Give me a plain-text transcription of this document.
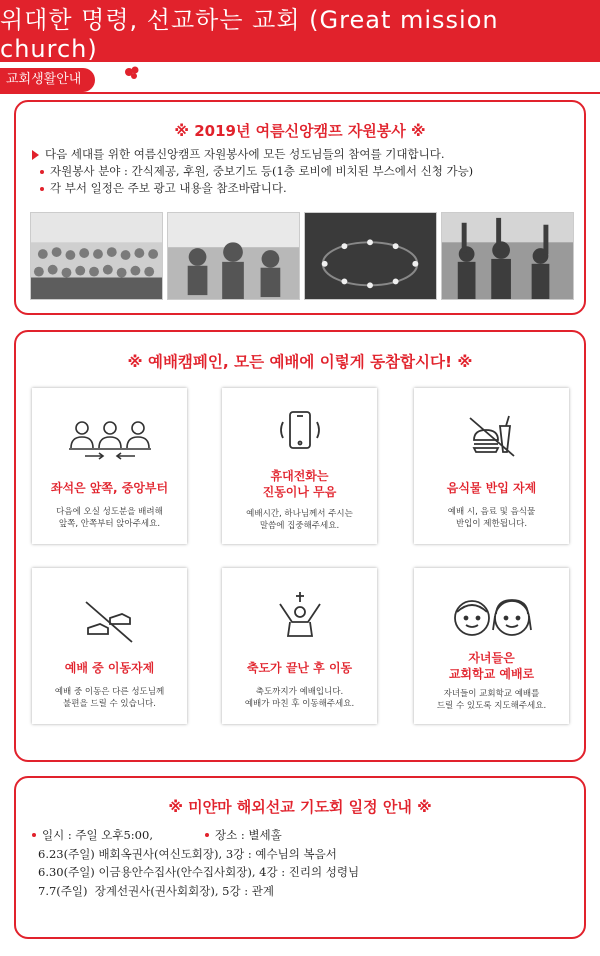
위대한 명령, 선교하는 교회 (Great mission church)
교회생활안내
※ 2019년 여름신앙캠프 자원봉사 ※
다음 세대를 위한 여름신앙캠프 자원봉사에 모든 성도님들의 참여를 기대합니다.
자원봉사 분야 : 간식제공, 후원, 중보기도 등(1층 로비에 비치된 부스에서 신청 가능)
각 부서 일정은 주보 광고 내용을 참조바랍니다.
※ 예배캠페인, 모든 예배에 이렇게 동참합시다! ※
좌석은 앞쪽, 중앙부터
다음에 오실 성도분을 배려해
앞쪽, 안쪽부터 앉아주세요.
휴대전화는
진동이나 무음
예배시간, 하나님께서 주시는
말씀에 집중해주세요.
음식물 반입 자제
예배 시, 음료 및 음식물
반입이 제한됩니다.
예배 중 이동자제
예배 중 이동은 다른 성도님께
불편을 드릴 수 있습니다.
축도가 끝난 후 이동
축도까지가 예배입니다.
예배가 마친 후 이동해주세요.
자녀들은
교회학교 예배로
자녀들이 교회학교 예배를
드릴 수 있도록 지도해주세요.
※ 미얀마 해외선교 기도회 일정 안내 ※
일시 : 주일 오후5:00,	장소 : 별세홀
6.23(주일) 배회옥권사(여신도회장), 3강 : 예수님의 복음서
6.30(주일) 이금용안수집사(안수집사회장), 4강 : 진리의 성령님
7.7(주일)  장계선권사(권사회회장), 5강 : 관계
